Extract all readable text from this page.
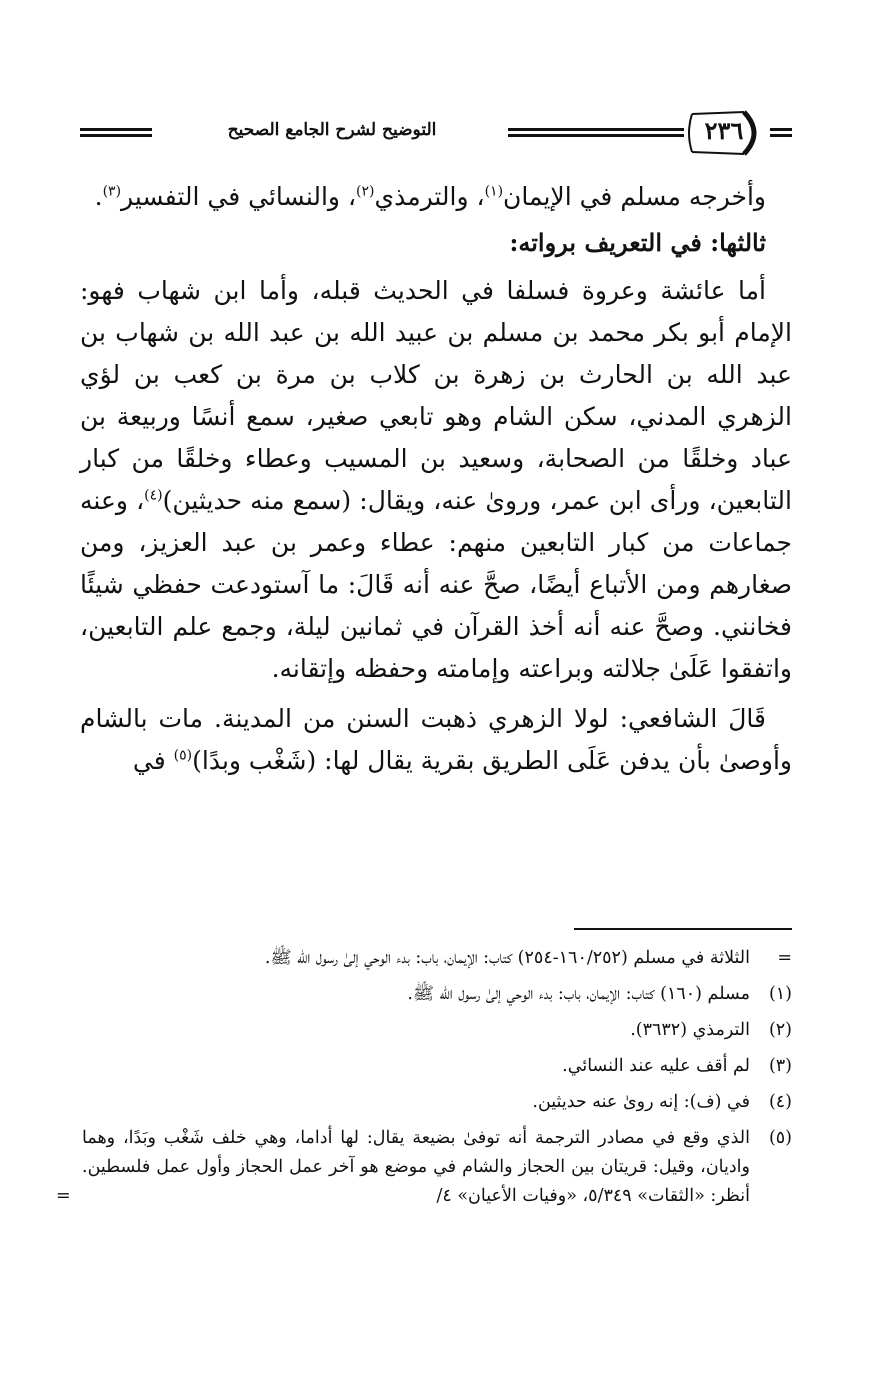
التوضيح لشرح الجامع الصحيح	٢٣٦

وأخرجه مسلم في الإيمان$^{(١)}$، والترمذي$^{(٢)}$، والنسائي في التفسير$^{(٣)}$.

ثالثها: في التعريف برواته:

أما عائشة وعروة فسلفا في الحديث قبله، وأما ابن شهاب فهو: الإمام أبو بكر محمد بن مسلم بن عبيد الله بن عبد الله بن شهاب بن عبد الله بن الحارث بن زهرة بن كلاب بن مرة بن كعب بن لؤي الزهري المدني، سكن الشام وهو تابعي صغير، سمع أنسًا وربيعة بن عباد وخلقًا من الصحابة، وسعيد بن المسيب وعطاء وخلقًا من كبار التابعين، ورأى ابن عمر، وروىٰ عنه، ويقال: (سمع منه حديثين)$^{(٤)}$، وعنه جماعات من كبار التابعين منهم: عطاء وعمر بن عبد العزيز، ومن صغارهم ومن الأتباع أيضًا، صحَّ عنه أنه قَالَ: ما آستودعت حفظي شيئًا فخانني. وصحَّ عنه أنه أخذ القرآن في ثمانين ليلة، وجمع علم التابعين، واتفقوا عَلَىٰ جلالته وبراعته وإمامته وحفظه وإتقانه.

قَالَ الشافعي: لولا الزهري ذهبت السنن من المدينة. مات بالشام وأوصىٰ بأن يدفن عَلَى الطريق بقرية يقال لها: (شَغْب وبدًا)$^{(٥)}$ في

=
الثلاثة في مسلم (١٦٠/٢٥٢-٢٥٤) كتاب: الإيمان، باب: بدء الوحي إلىٰ رسول الله ﷺ.
(١)
مسلم (١٦٠) كتاب: الإيمان، باب: بدء الوحي إلىٰ رسول الله ﷺ.
(٢)
الترمذي (٣٦٣٢).
(٣)
لم أقف عليه عند النسائي.
(٤)
في (ف): إنه روىٰ عنه حديثين.
(٥)
الذي وقع في مصادر الترجمة أنه توفىٰ بضيعة يقال: لها أداما، وهي خلف شَغْب وبَدًا، وهما واديان، وقيل: قريتان بين الحجاز والشام في موضع هو آخر عمل الحجاز وأول عمل فلسطين. أنظر: «الثقات» ٥/٣٤٩، «وفيات الأعيان» ٤/
=
